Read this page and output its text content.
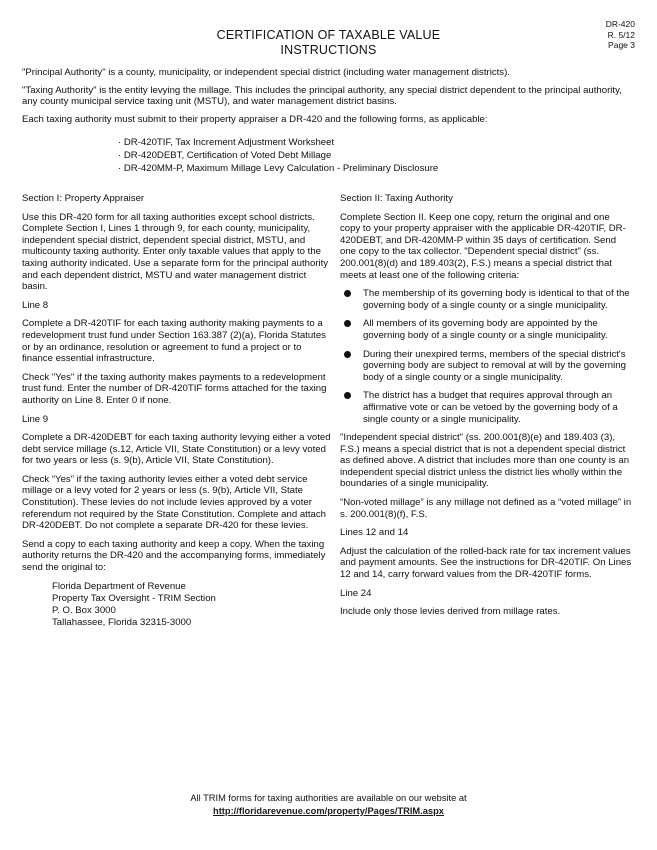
DR-420
R. 5/12
Page 3
CERTIFICATION OF TAXABLE VALUE
INSTRUCTIONS

"Principal Authority" is a county, municipality, or independent special district (including water management districts).

"Taxing Authority" is the entity levying the millage. This includes the principal authority, any special district dependent to the principal authority, any county municipal service taxing unit (MSTU), and water management district basins.

Each taxing authority must submit to their property appraiser a DR-420 and the following forms, as applicable:

· DR-420TIF, Tax Increment Adjustment Worksheet
· DR-420DEBT, Certification of Voted Debt Millage
· DR-420MM-P, Maximum Millage Levy Calculation - Preliminary Disclosure
Section I: Property Appraiser

Use this DR-420 form for all taxing authorities except school districts. Complete Section I, Lines 1 through 9, for each county, municipality, independent special district, dependent special district, MSTU, and multicounty taxing authority. Enter only taxable values that apply to the taxing authority indicated. Use a separate form for the principal authority and each dependent district, MSTU and water management district basin.

Line 8

Complete a DR-420TIF for each taxing authority making payments to a redevelopment trust fund under Section 163.387 (2)(a), Florida Statutes or by an ordinance, resolution or agreement to fund a project or to finance essential infrastructure.

Check "Yes" if the taxing authority makes payments to a redevelopment trust fund. Enter the number of DR-420TIF forms attached for the taxing authority on Line 8. Enter 0 if none.

Line 9

Complete a DR-420DEBT for each taxing authority levying either a voted debt service millage (s.12, Article VII, State Constitution) or a levy voted for two years or less (s. 9(b), Article VII, State Constitution).

Check “Yes” if the taxing authority levies either a voted debt service millage or a levy voted for 2 years or less (s. 9(b), Article VII, State Constitution). These levies do not include levies approved by a voter referendum not required by the State Constitution. Complete and attach DR-420DEBT. Do not complete a separate DR-420 for these levies.

Send a copy to each taxing authority and keep a copy. When the taxing authority returns the DR-420 and the accompanying forms, immediately send the original to:

Florida Department of Revenue
Property Tax Oversight - TRIM Section
P. O. Box 3000
Tallahassee, Florida 32315-3000
Section II: Taxing Authority

Complete Section II. Keep one copy, return the original and one copy to your property appraiser with the applicable DR-420TIF, DR-420DEBT, and DR-420MM-P within 35 days of certification. Send one copy to the tax collector. "Dependent special district" (ss. 200.001(8)(d) and 189.403(2), F.S.) means a special district that meets at least one of the following criteria:

The membership of its governing body is identical to that of the governing body of a single county or a single municipality.
All members of its governing body are appointed by the governing body of a single county or a single municipality.
During their unexpired terms, members of the special district's governing body are subject to removal at will by the governing body of a single county or a single municipality.
The district has a budget that requires approval through an affirmative vote or can be vetoed by the governing body of a single county or a single municipality.

"Independent special district" (ss. 200.001(8)(e) and 189.403 (3), F.S.) means a special district that is not a dependent special district as defined above. A district that includes more than one county is an independent special district unless the district lies wholly within the boundaries of a single municipality.

“Non-voted millage” is any millage not defined as a “voted millage” in s. 200.001(8)(f), F.S.

Lines 12 and 14

Adjust the calculation of the rolled-back rate for tax increment values and payment amounts. See the instructions for DR-420TIF. On Lines 12 and 14, carry forward values from the DR-420TIF forms.

Line 24

Include only those levies derived from millage rates.

All TRIM forms for taxing authorities are available on our website at
http://floridarevenue.com/property/Pages/TRIM.aspx
